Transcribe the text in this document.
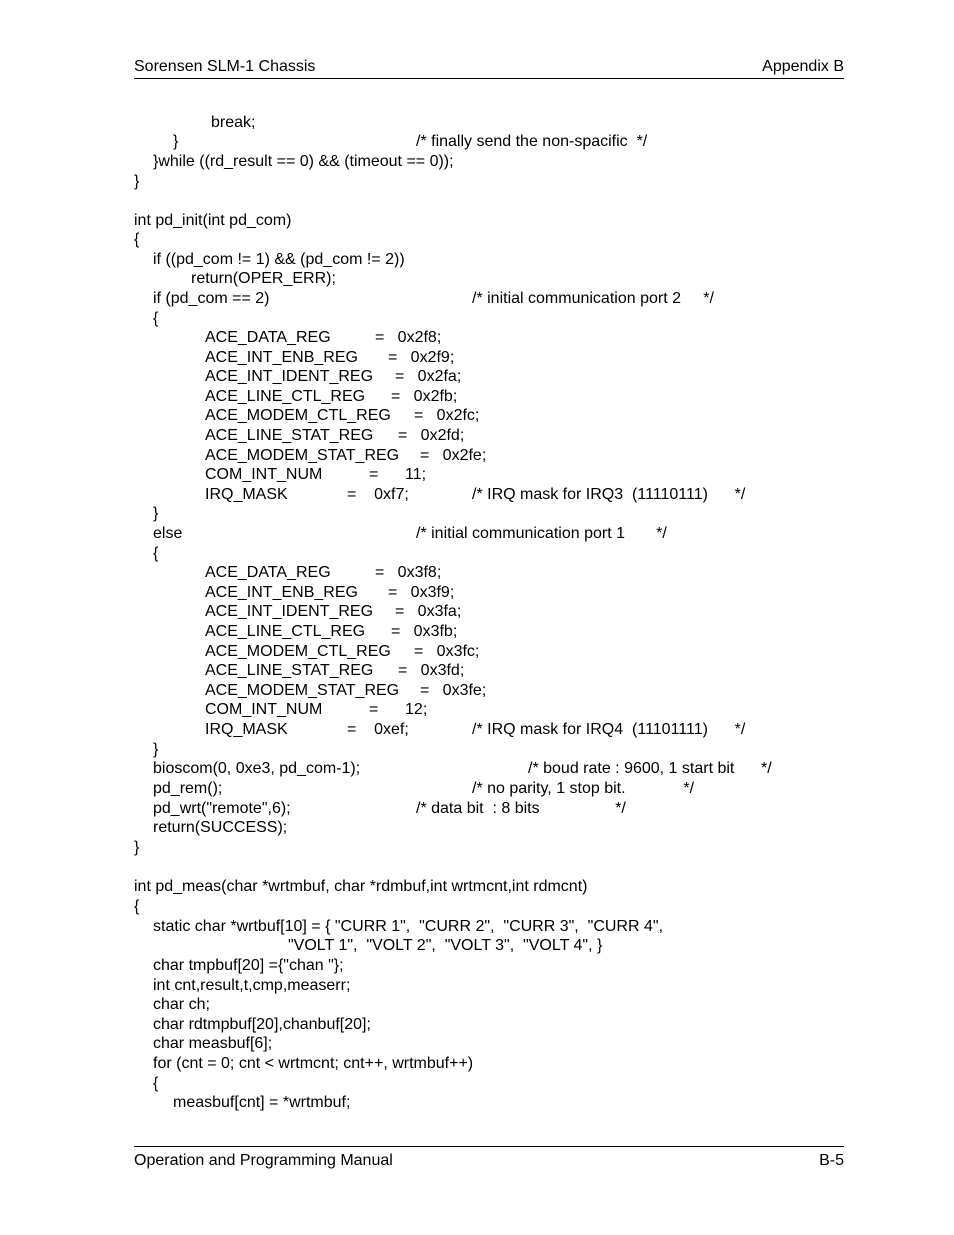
Sorensen SLM-1 Chassis	Appendix B
break;
}	/* finally send the non-spacific  */
}while ((rd_result == 0) && (timeout == 0));
}
int pd_init(int pd_com)
{
if ((pd_com != 1) && (pd_com != 2))
return(OPER_ERR);
if (pd_com == 2)	/* initial communication port 2     */
{
ACE_DATA_REG	=   0x2f8;
ACE_INT_ENB_REG =   0x2f9;
ACE_INT_IDENT_REG =   0x2fa;
ACE_LINE_CTL_REG =   0x2fb;
ACE_MODEM_CTL_REG =   0x2fc;
ACE_LINE_STAT_REG =   0x2fd;
ACE_MODEM_STAT_REG =   0x2fe;
COM_INT_NUM	=      11;
IRQ_MASK	=    0xf7;	/* IRQ mask for IRQ3  (11110111)      */
}
else	/* initial communication port 1       */
{
ACE_DATA_REG	=   0x3f8;
ACE_INT_ENB_REG =   0x3f9;
ACE_INT_IDENT_REG =   0x3fa;
ACE_LINE_CTL_REG =   0x3fb;
ACE_MODEM_CTL_REG =   0x3fc;
ACE_LINE_STAT_REG =   0x3fd;
ACE_MODEM_STAT_REG =   0x3fe;
COM_INT_NUM	=      12;
IRQ_MASK	=    0xef;	/* IRQ mask for IRQ4  (11101111)      */
}
bioscom(0, 0xe3, pd_com-1);	/* boud rate : 9600, 1 start bit      */
pd_rem();	/* no parity, 1 stop bit.             */
pd_wrt("remote",6);	/* data bit  : 8 bits                 */
return(SUCCESS);
}
int pd_meas(char *wrtmbuf, char *rdmbuf,int wrtmcnt,int rdmcnt)
{
static char *wrtbuf[10] = { "CURR 1",  "CURR 2",  "CURR 3",  "CURR 4",
"VOLT 1",  "VOLT 2",  "VOLT 3",  "VOLT 4", }
char tmpbuf[20] ={"chan "};
int cnt,result,t,cmp,measerr;
char ch;
char rdtmpbuf[20],chanbuf[20];
char measbuf[6];
for (cnt = 0; cnt < wrtmcnt; cnt++, wrtmbuf++)
{
measbuf[cnt] = *wrtmbuf;
Operation and Programming Manual	B-5
